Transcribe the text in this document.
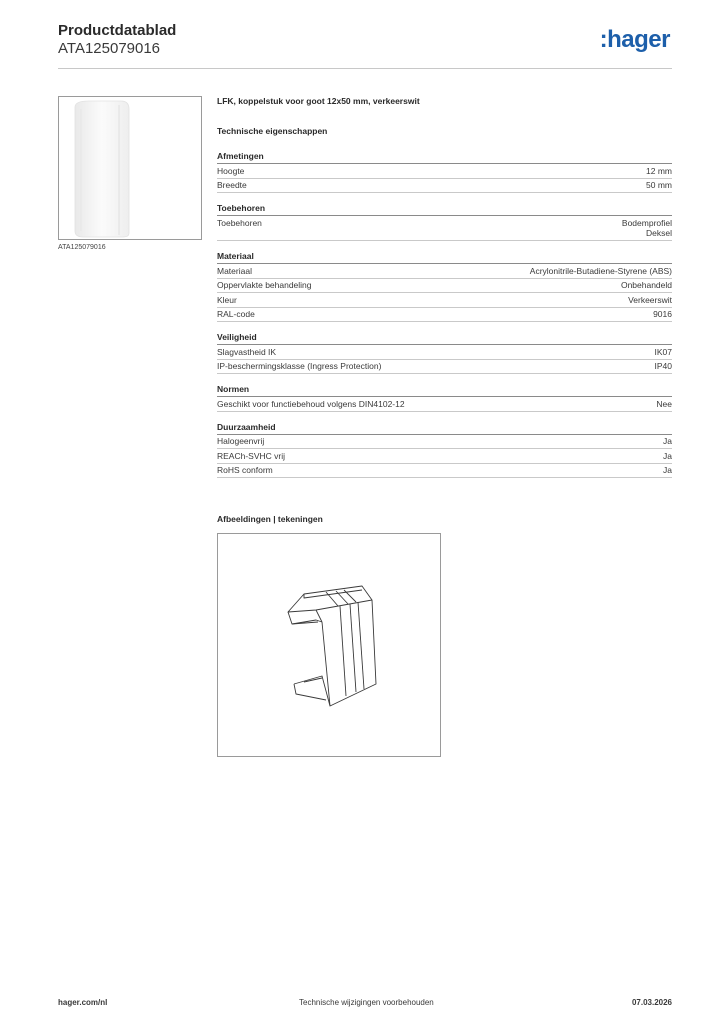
Productdatablad
ATA125079016	:hager
ATA125079016
LFK, koppelstuk voor goot 12x50 mm, verkeerswit
Technische eigenschappen
Afmetingen
Hoogte	12 mm
Breedte	50 mm
Toebehoren
Toebehoren	Bodemprofiel
Deksel
Materiaal
Materiaal	Acrylonitrile-Butadiene-Styrene (ABS)
Oppervlakte behandeling	Onbehandeld
Kleur	Verkeerswit
RAL-code	9016
Veiligheid
Slagvastheid IK	IK07
IP-beschermingsklasse (Ingress Protection)	IP40
Normen
Geschikt voor functiebehoud volgens DIN4102-12	Nee
Duurzaamheid
Halogeenvrij	Ja
REACh-SVHC vrij	Ja
RoHS conform	Ja
Afbeeldingen | tekeningen
hager.com/nl	Technische wijzigingen voorbehouden	07.03.2026
